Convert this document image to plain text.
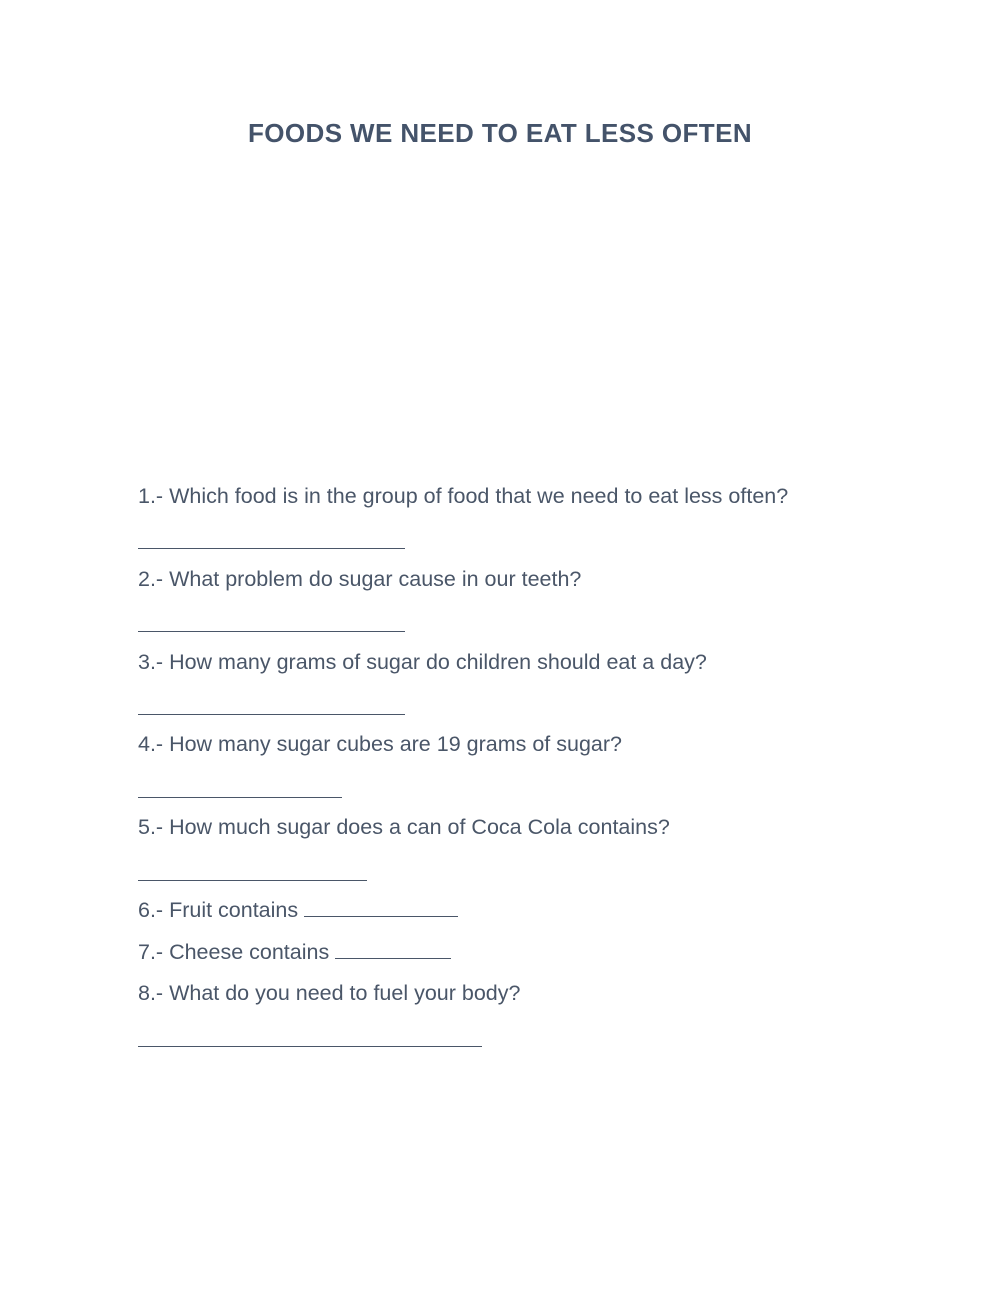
FOODS WE NEED TO EAT LESS OFTEN
1.- Which food is in the group of food that we need to eat less often?
2.- What problem do sugar cause in our teeth?
3.- How many grams of sugar do children should eat a day?
4.- How many sugar cubes are 19 grams of sugar?
5.- How much sugar does a can of Coca Cola contains?
6.- Fruit contains
7.- Cheese contains
8.- What do you need to fuel your body?
